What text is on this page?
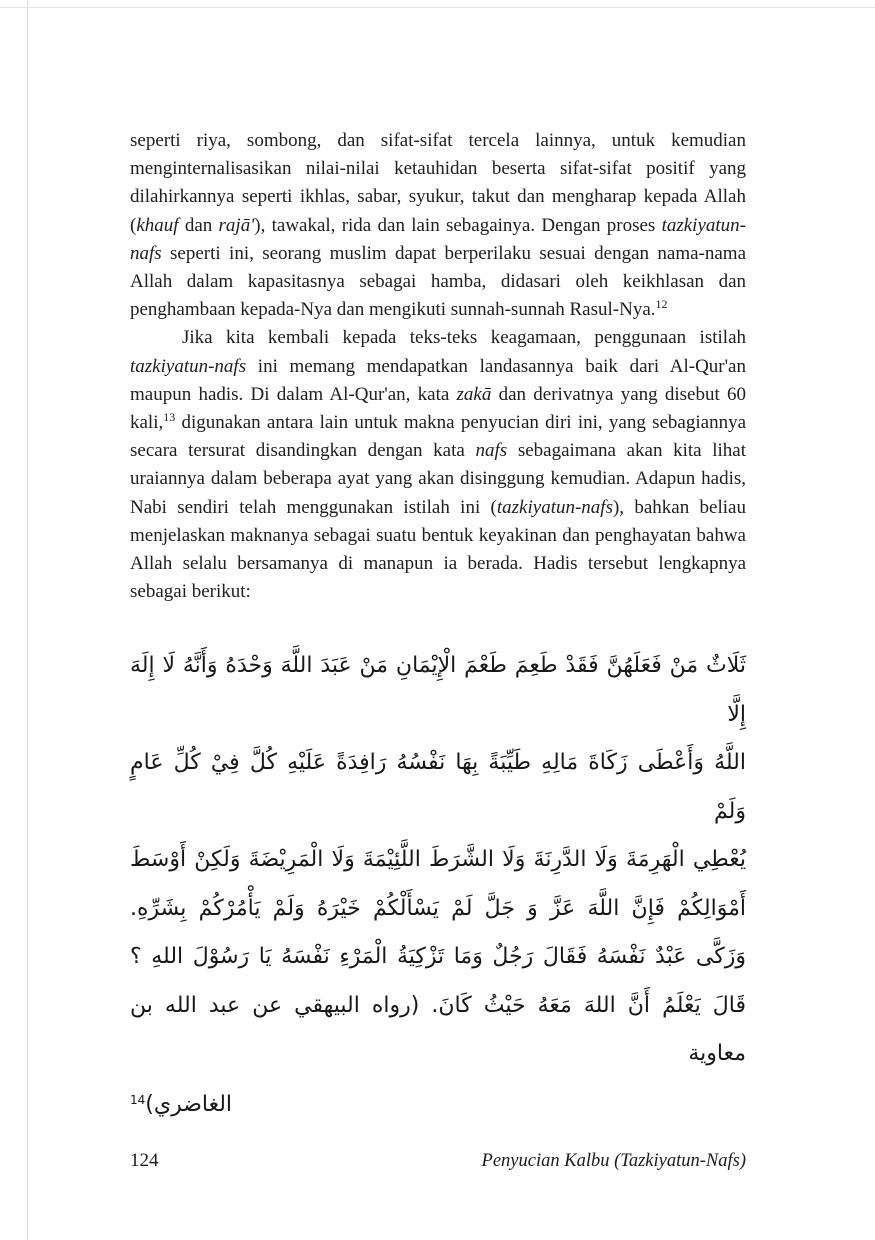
seperti riya, sombong, dan sifat-sifat tercela lainnya, untuk kemudian menginternalisasikan nilai-nilai ketauhidan beserta sifat-sifat positif yang dilahirkannya seperti ikhlas, sabar, syukur, takut dan mengharap kepada Allah (khauf dan rajā'), tawakal, rida dan lain sebagainya. Dengan proses tazkiyatun-nafs seperti ini, seorang muslim dapat berperilaku sesuai dengan nama-nama Allah dalam kapasitasnya sebagai hamba, didasari oleh keikhlasan dan penghambaan kepada-Nya dan mengikuti sunnah-sunnah Rasul-Nya.$^{12}$

Jika kita kembali kepada teks-teks keagamaan, penggunaan istilah tazkiyatun-nafs ini memang mendapatkan landasannya baik dari Al-Qur'an maupun hadis. Di dalam Al-Qur'an, kata zakā dan derivatnya yang disebut 60 kali,$^{13}$ digunakan antara lain untuk makna penyucian diri ini, yang sebagiannya secara tersurat disandingkan dengan kata nafs sebagaimana akan kita lihat uraiannya dalam beberapa ayat yang akan disinggung kemudian. Adapun hadis, Nabi sendiri telah menggunakan istilah ini (tazkiyatun-nafs), bahkan beliau menjelaskan maknanya sebagai suatu bentuk keyakinan dan penghayatan bahwa Allah selalu bersamanya di manapun ia berada. Hadis tersebut lengkapnya sebagai berikut:

ثَلَاثٌ مَنْ فَعَلَهُنَّ فَقَدْ طَعِمَ طَعْمَ الْإِيْمَانِ مَنْ عَبَدَ اللَّهَ وَحْدَهُ وَأَنَّهُ لَا إِلَهَ إِلَّا
اللَّهُ وَأَعْطَى زَكَاةَ مَالِهِ طَيِّبَةً بِهَا نَفْسُهُ رَافِدَةً عَلَيْهِ كُلَّ فِيْ كُلِّ عَامٍ وَلَمْ
يُعْطِي الْهَرِمَةَ وَلَا الدَّرِنَةَ وَلَا الشَّرَطَ اللَّئِيْمَةَ وَلَا الْمَرِيْضَةَ وَلَكِنْ أَوْسَطَ
أَمْوَالِكُمْ فَإِنَّ اللَّهَ عَزَّ وَ جَلَّ لَمْ يَسْأَلْكُمْ خَيْرَهُ وَلَمْ يَأْمُرْكُمْ بِشَرِّهِ.
وَزَكَّى عَبْدٌ نَفْسَهُ فَقَالَ رَجُلٌ وَمَا تَزْكِيَةُ الْمَرْءِ نَفْسَهُ يَا رَسُوْلَ اللهِ ؟
قَالَ يَعْلَمُ أَنَّ اللهَ مَعَهُ حَيْثُ كَانَ. (رواه البيهقي عن عبد الله بن معاوية
الغاضري)$^{14}$
124	Penyucian Kalbu (Tazkiyatun-Nafs)
